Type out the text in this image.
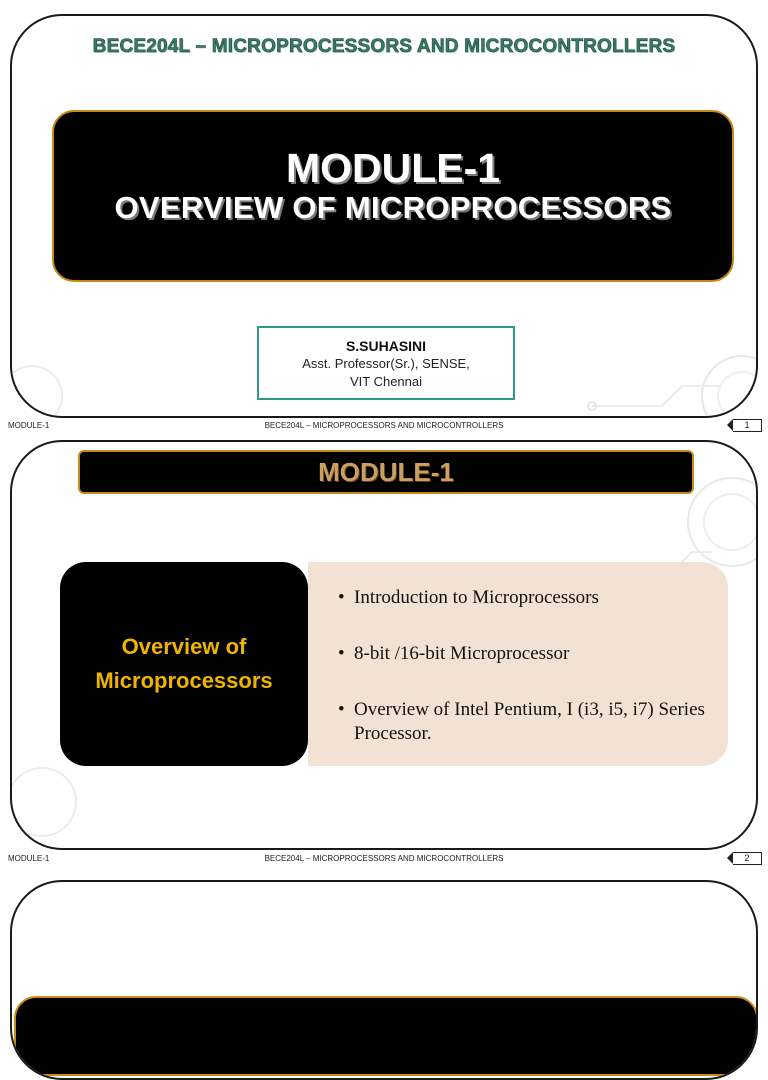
BECE204L – MICROPROCESSORS AND MICROCONTROLLERS
MODULE-1
OVERVIEW OF MICROPROCESSORS
S.SUHASINI
Asst. Professor(Sr.), SENSE,
VIT Chennai
MODULE-1	BECE204L – MICROPROCESSORS AND MICROCONTROLLERS	1
MODULE-1
Overview of Microprocessors
• Introduction to Microprocessors
• 8-bit /16-bit Microprocessor
• Overview of Intel Pentium, I (i3, i5, i7) Series Processor.
MODULE-1	BECE204L – MICROPROCESSORS AND MICROCONTROLLERS	2
